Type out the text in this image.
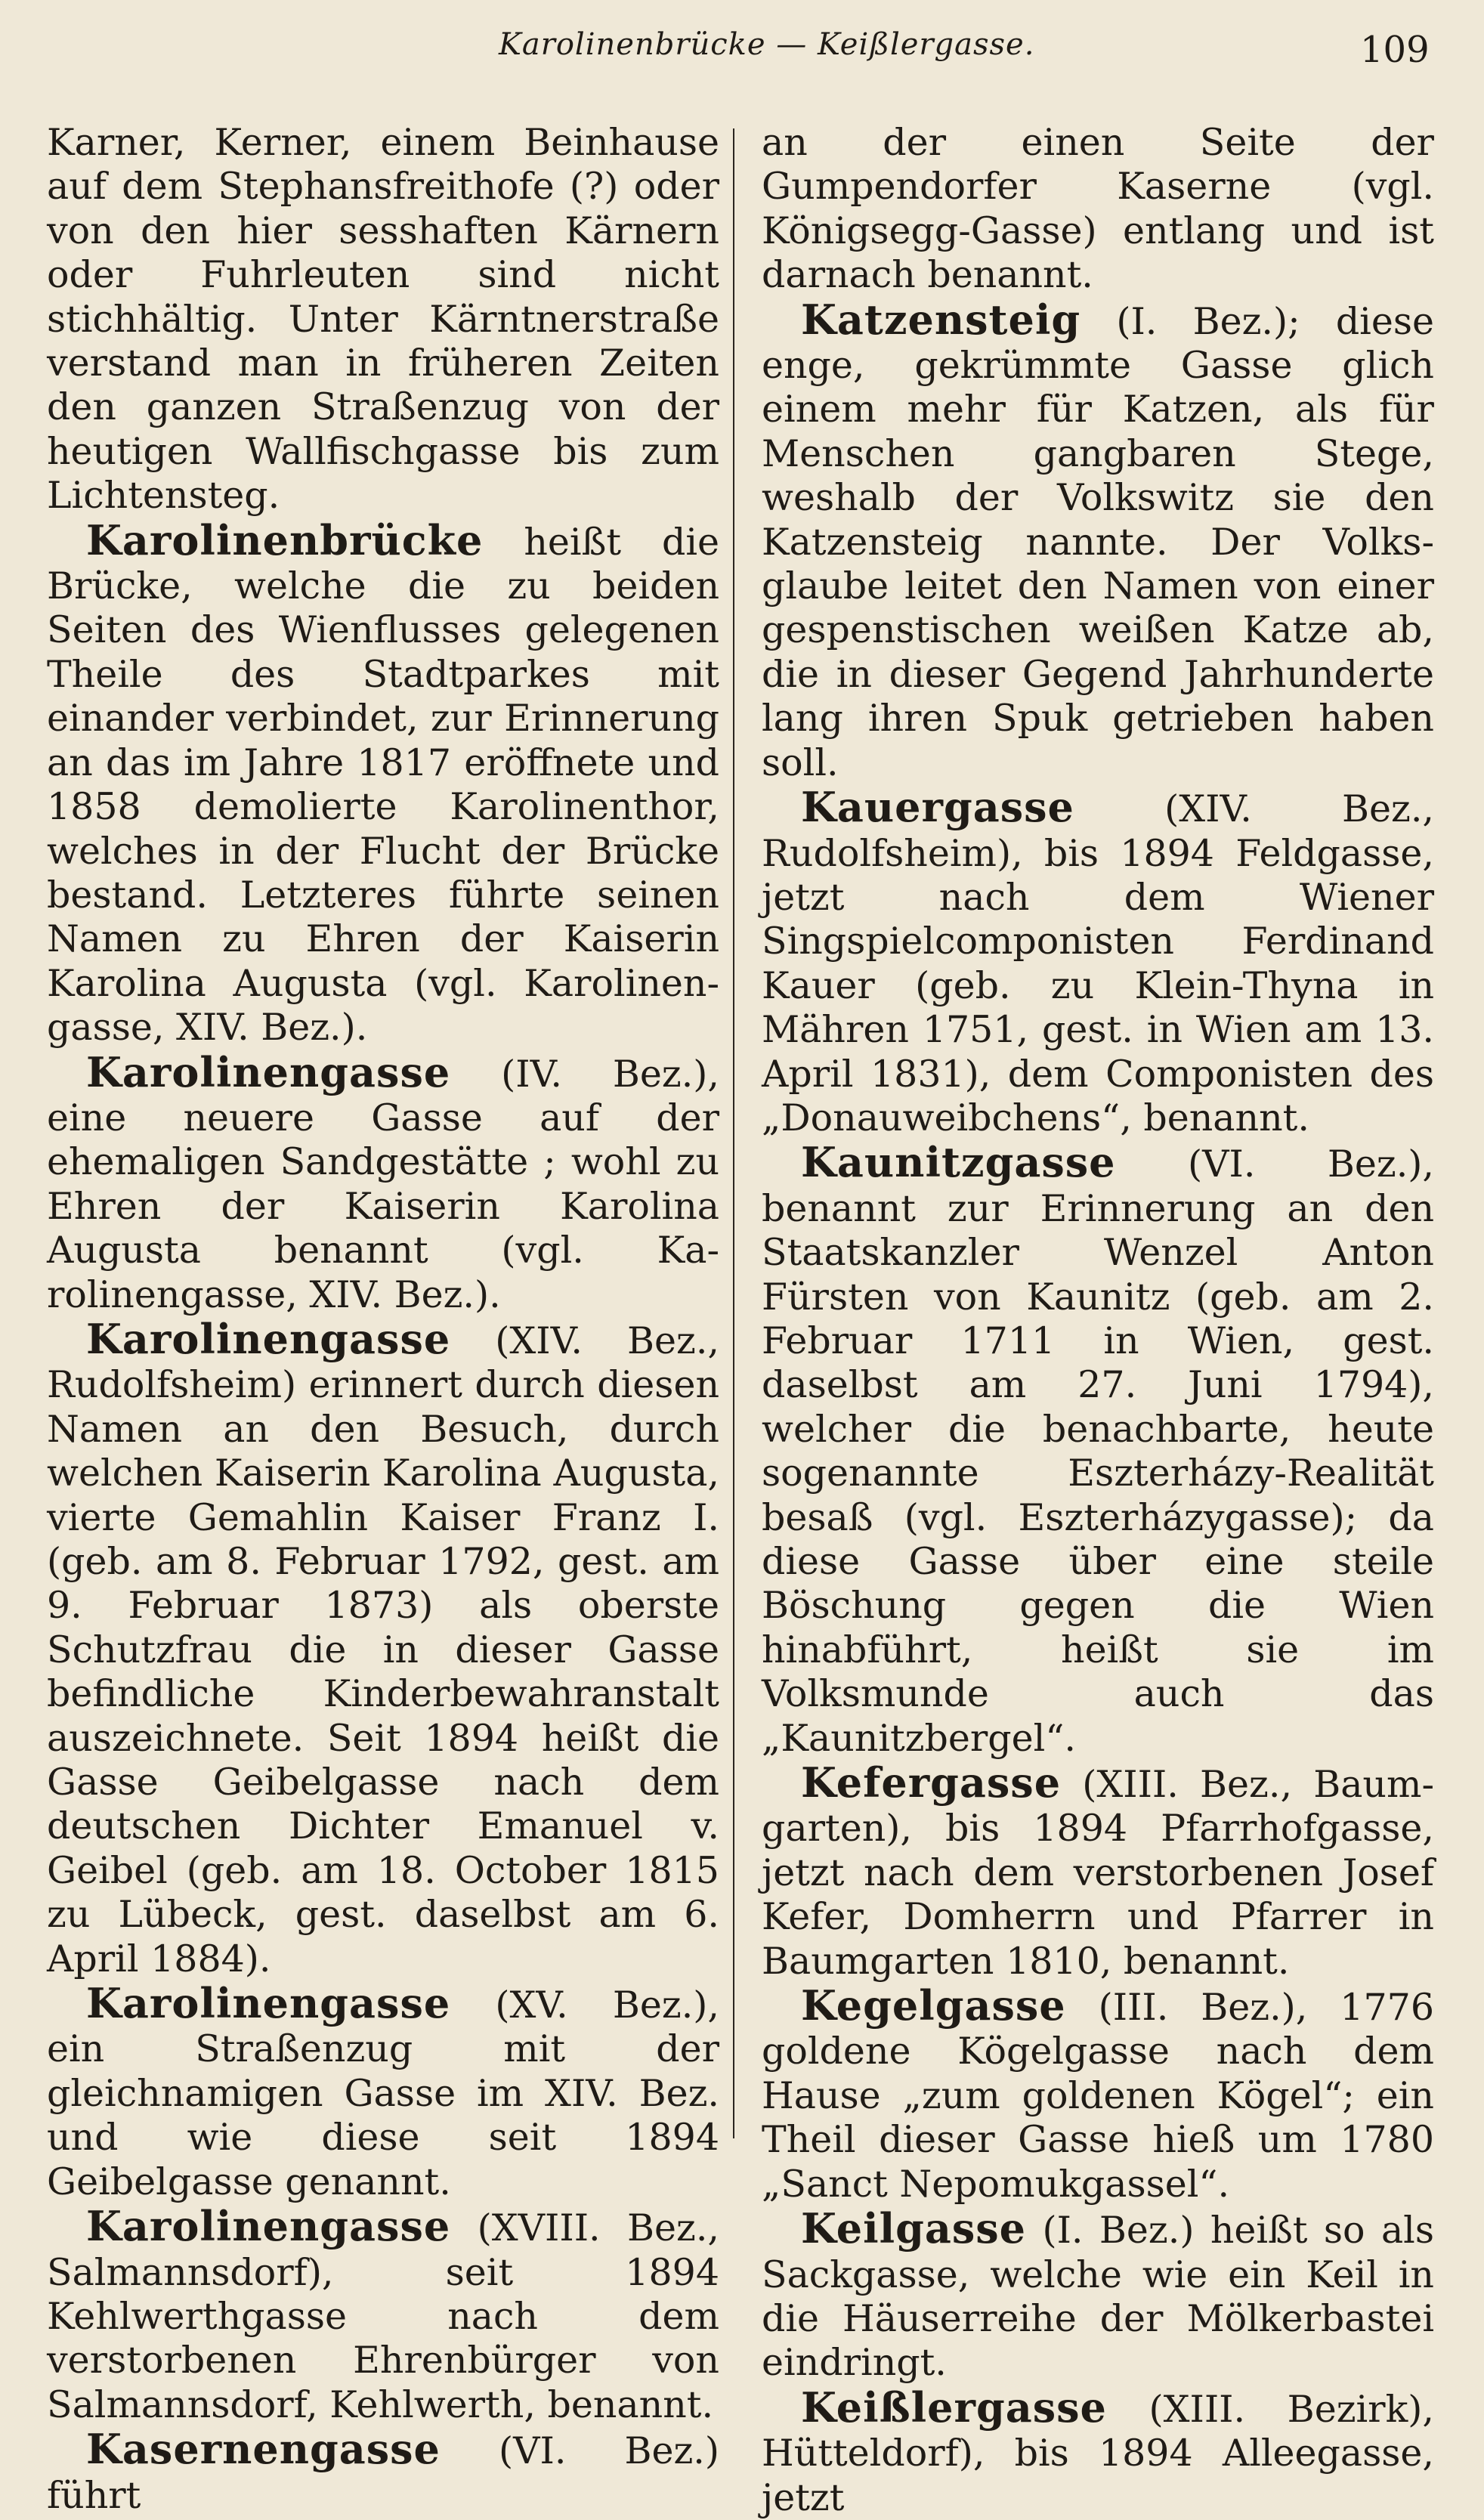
Karolinenbrücke — Keißlergasse.	109

Karner, Kerner, einem Beinhause auf dem Stephansfreithofe (?) oder von den hier sesshaften Kärnern oder Fuhrleuten sind nicht stichhältig. Unter Kärntnerstraße verstand man in früheren Zeiten den ganzen Straßenzug von der heutigen Wallfischgasse bis zum Lichtensteg.

Karolinenbrücke heißt die Brücke, welche die zu beiden Seiten des Wienflusses gelegenen Theile des Stadtparkes mit einander verbindet, zur Erinnerung an das im Jahre 1817 eröffnete und 1858 demolierte Karolinenthor, welches in der Flucht der Brücke bestand. Letzteres führte seinen Namen zu Ehren der Kaiserin Karolina Augusta (vgl. Karolinengasse, XIV. Bez.).

Karolinengasse (IV. Bez.), eine neuere Gasse auf der ehemaligen Sandgestätte ; wohl zu Ehren der Kaiserin Karolina Augusta benannt (vgl. Karolinengasse, XIV. Bez.).

Karolinengasse (XIV. Bez., Rudolfsheim) erinnert durch diesen Namen an den Besuch, durch welchen Kaiserin Karolina Augusta, vierte Gemahlin Kaiser Franz I. (geb. am 8. Februar 1792, gest. am 9. Februar 1873) als oberste Schutzfrau die in dieser Gasse befindliche Kinderbewahranstalt auszeichnete. Seit 1894 heißt die Gasse Geibelgasse nach dem deutschen Dichter Emanuel v. Geibel (geb. am 18. October 1815 zu Lübeck, gest. daselbst am 6. April 1884).

Karolinengasse (XV. Bez.), ein Straßenzug mit der gleichnamigen Gasse im XIV. Bez. und wie diese seit 1894 Geibelgasse genannt.

Karolinengasse (XVIII. Bez., Salmannsdorf), seit 1894 Kehlwerthgasse nach dem verstorbenen Ehrenbürger von Salmannsdorf, Kehlwerth, benannt.

Kasernengasse (VI. Bez.) führt

an der einen Seite der Gumpendorfer Kaserne (vgl. Königsegg-Gasse) entlang und ist darnach benannt.

Katzensteig (I. Bez.); diese enge, gekrümmte Gasse glich einem mehr für Katzen, als für Menschen gangbaren Stege, weshalb der Volkswitz sie den Katzensteig nannte. Der Volksglaube leitet den Namen von einer gespenstischen weißen Katze ab, die in dieser Gegend Jahrhunderte lang ihren Spuk getrieben haben soll.

Kauergasse (XIV. Bez., Rudolfsheim), bis 1894 Feldgasse, jetzt nach dem Wiener Singspielcomponisten Ferdinand Kauer (geb. zu Klein-Thyna in Mähren 1751, gest. in Wien am 13. April 1831), dem Componisten des „Donauweibchens“, benannt.

Kaunitzgasse (VI. Bez.), benannt zur Erinnerung an den Staatskanzler Wenzel Anton Fürsten von Kaunitz (geb. am 2. Februar 1711 in Wien, gest. daselbst am 27. Juni 1794), welcher die benachbarte, heute sogenannte Eszterházy-Realität besaß (vgl. Eszterházygasse); da diese Gasse über eine steile Böschung gegen die Wien hinabführt, heißt sie im Volksmunde auch das „Kaunitzbergel“.

Kefergasse (XIII. Bez., Baumgarten), bis 1894 Pfarrhofgasse, jetzt nach dem verstorbenen Josef Kefer, Domherrn und Pfarrer in Baumgarten 1810, benannt.

Kegelgasse (III. Bez.), 1776 goldene Kögelgasse nach dem Hause „zum goldenen Kögel“; ein Theil dieser Gasse hieß um 1780 „Sanct Nepomukgassel“.

Keilgasse (I. Bez.) heißt so als Sackgasse, welche wie ein Keil in die Häuserreihe der Mölkerbastei eindringt.

Keißlergasse (XIII. Bezirk), Hütteldorf), bis 1894 Alleegasse, jetzt
